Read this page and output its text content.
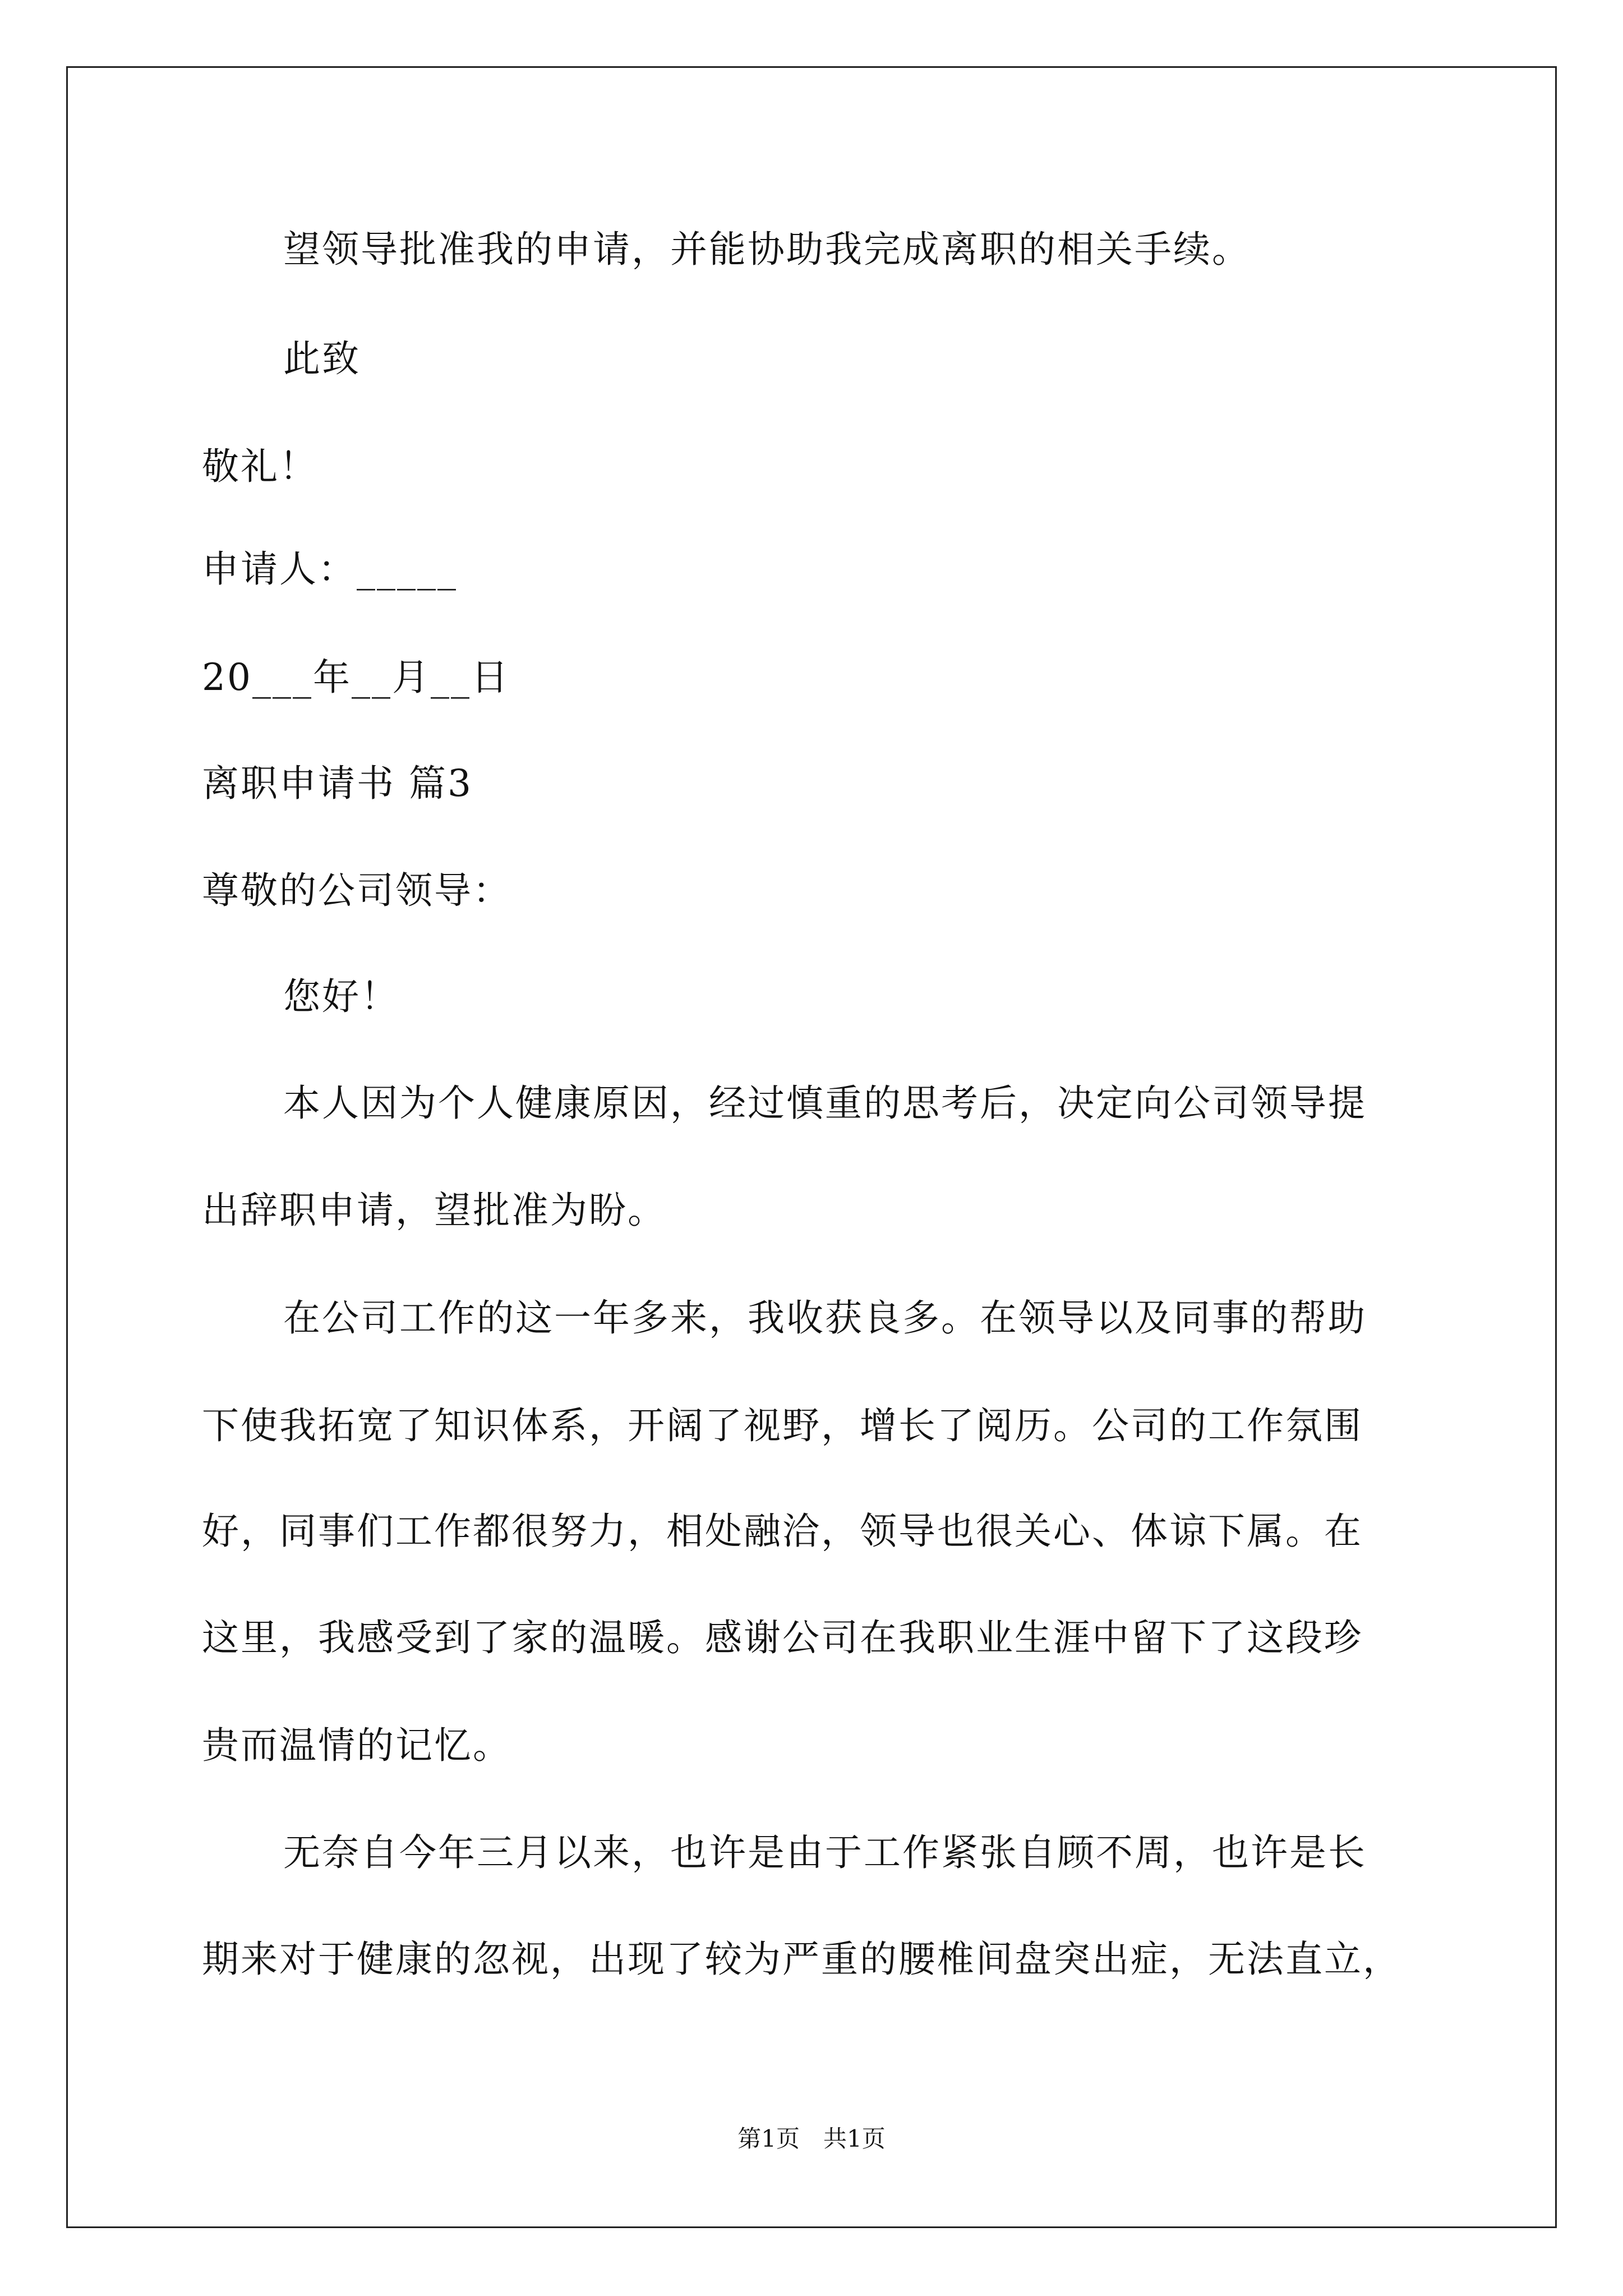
望领导批准我的申请，并能协助我完成离职的相关手续。
此致
敬礼！
申请人：_____
20___年__月__日
离职申请书 篇3
尊敬的公司领导：
您好！
本人因为个人健康原因，经过慎重的思考后，决定向公司领导提
出辞职申请，望批准为盼。
在公司工作的这一年多来，我收获良多。在领导以及同事的帮助
下使我拓宽了知识体系，开阔了视野，增长了阅历。公司的工作氛围
好，同事们工作都很努力，相处融洽，领导也很关心、体谅下属。在
这里，我感受到了家的温暖。感谢公司在我职业生涯中留下了这段珍
贵而温情的记忆。
无奈自今年三月以来，也许是由于工作紧张自顾不周，也许是长
期来对于健康的忽视，出现了较为严重的腰椎间盘突出症，无法直立，
第1页　共1页
